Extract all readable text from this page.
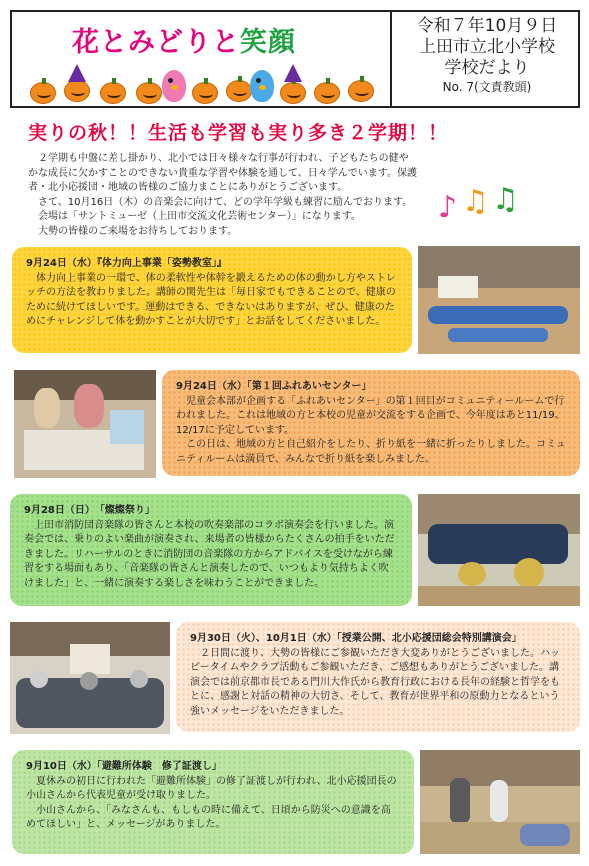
花とみどりと笑顔
令和７年10月９日
上田市立北小学校
学校だより
No. 7(文責教頭)
実りの秋！！生活も学習も実り多き２学期！！

２学期も中盤に差し掛かり、北小では日々様々な行事が行われ、子どもたちの健やかな成長に欠かすことのできない貴重な学習や体験を通して、日々学んでいます。保護者・北小応援団・地域の皆様のご協力まことにありがとうございます。

さて、10月16日（木）の音楽会に向けて、どの学年学級も練習に励んでおります。

会場は「サントミューゼ（上田市交流文化芸術センター）」になります。

大勢の皆様のご来場をお待ちしております。

♪ ♫ ♫
9月24日（水）『体力向上事業「姿勢教室」』

体力向上事業の一環で、体の柔軟性や体幹を鍛えるための体の動かし方やストレッチの方法を教わりました。講師の関先生は「毎日家でもできることので、健康のために続けてほしいです。運動はできる、できないはありますが、ぜひ、健康のためにチャレンジして体を動かすことが大切です」とお話をしてくださいました。

9月24日（水）「第１回ふれあいセンター」

児童会本部が企画する「ふれあいセンター」の第１回目がコミュニティールームで行われました。これは地域の方と本校の児童が交流をする企画で、今年度はあと11/19、12/17に予定しています。

この日は、地域の方と自己紹介をしたり、折り紙を一緒に折ったりしました。コミュニティルームは満員で、みんなで折り紙を楽しみました。

9月28日（日）　「燦燦祭り」

上田市消防団音楽隊の皆さんと本校の吹奏楽部のコラボ演奏会を行いました。演奏会では、乗りのよい楽曲が演奏され、来場者の皆様からたくさんの拍手をいただきました。リハーサルのときに消防団の音楽隊の方からアドバイスを受けながら練習をする場面もあり、「音楽隊の皆さんと演奏したので、いつもより気持ちよく吹けました」と、一緒に演奏する楽しさを味わうことができました。

9月30日（火）、10月1日（水）「授業公開、北小応援団総会特別講演会」

２日間に渡り、大勢の皆様にご参観いただき大変ありがとうございました。ハッピータイムやクラブ活動もご参観いただき、ご感想もありがとうございました。講演会では前京都市長である門川大作氏から教育行政における長年の経験と哲学をもとに、感謝と対話の精神の大切さ、そして、教育が世界平和の原動力となるという強いメッセージをいただきました。

9月10日（水）「避難所体験　修了証渡し」

夏休みの初日に行われた「避難所体験」の修了証渡しが行われ、北小応援団長の小山さんから代表児童が受け取りました。

小山さんから、「みなさんも、もしもの時に備えて、日頃から防災への意識を高めてほしい」と、メッセージがありました。
